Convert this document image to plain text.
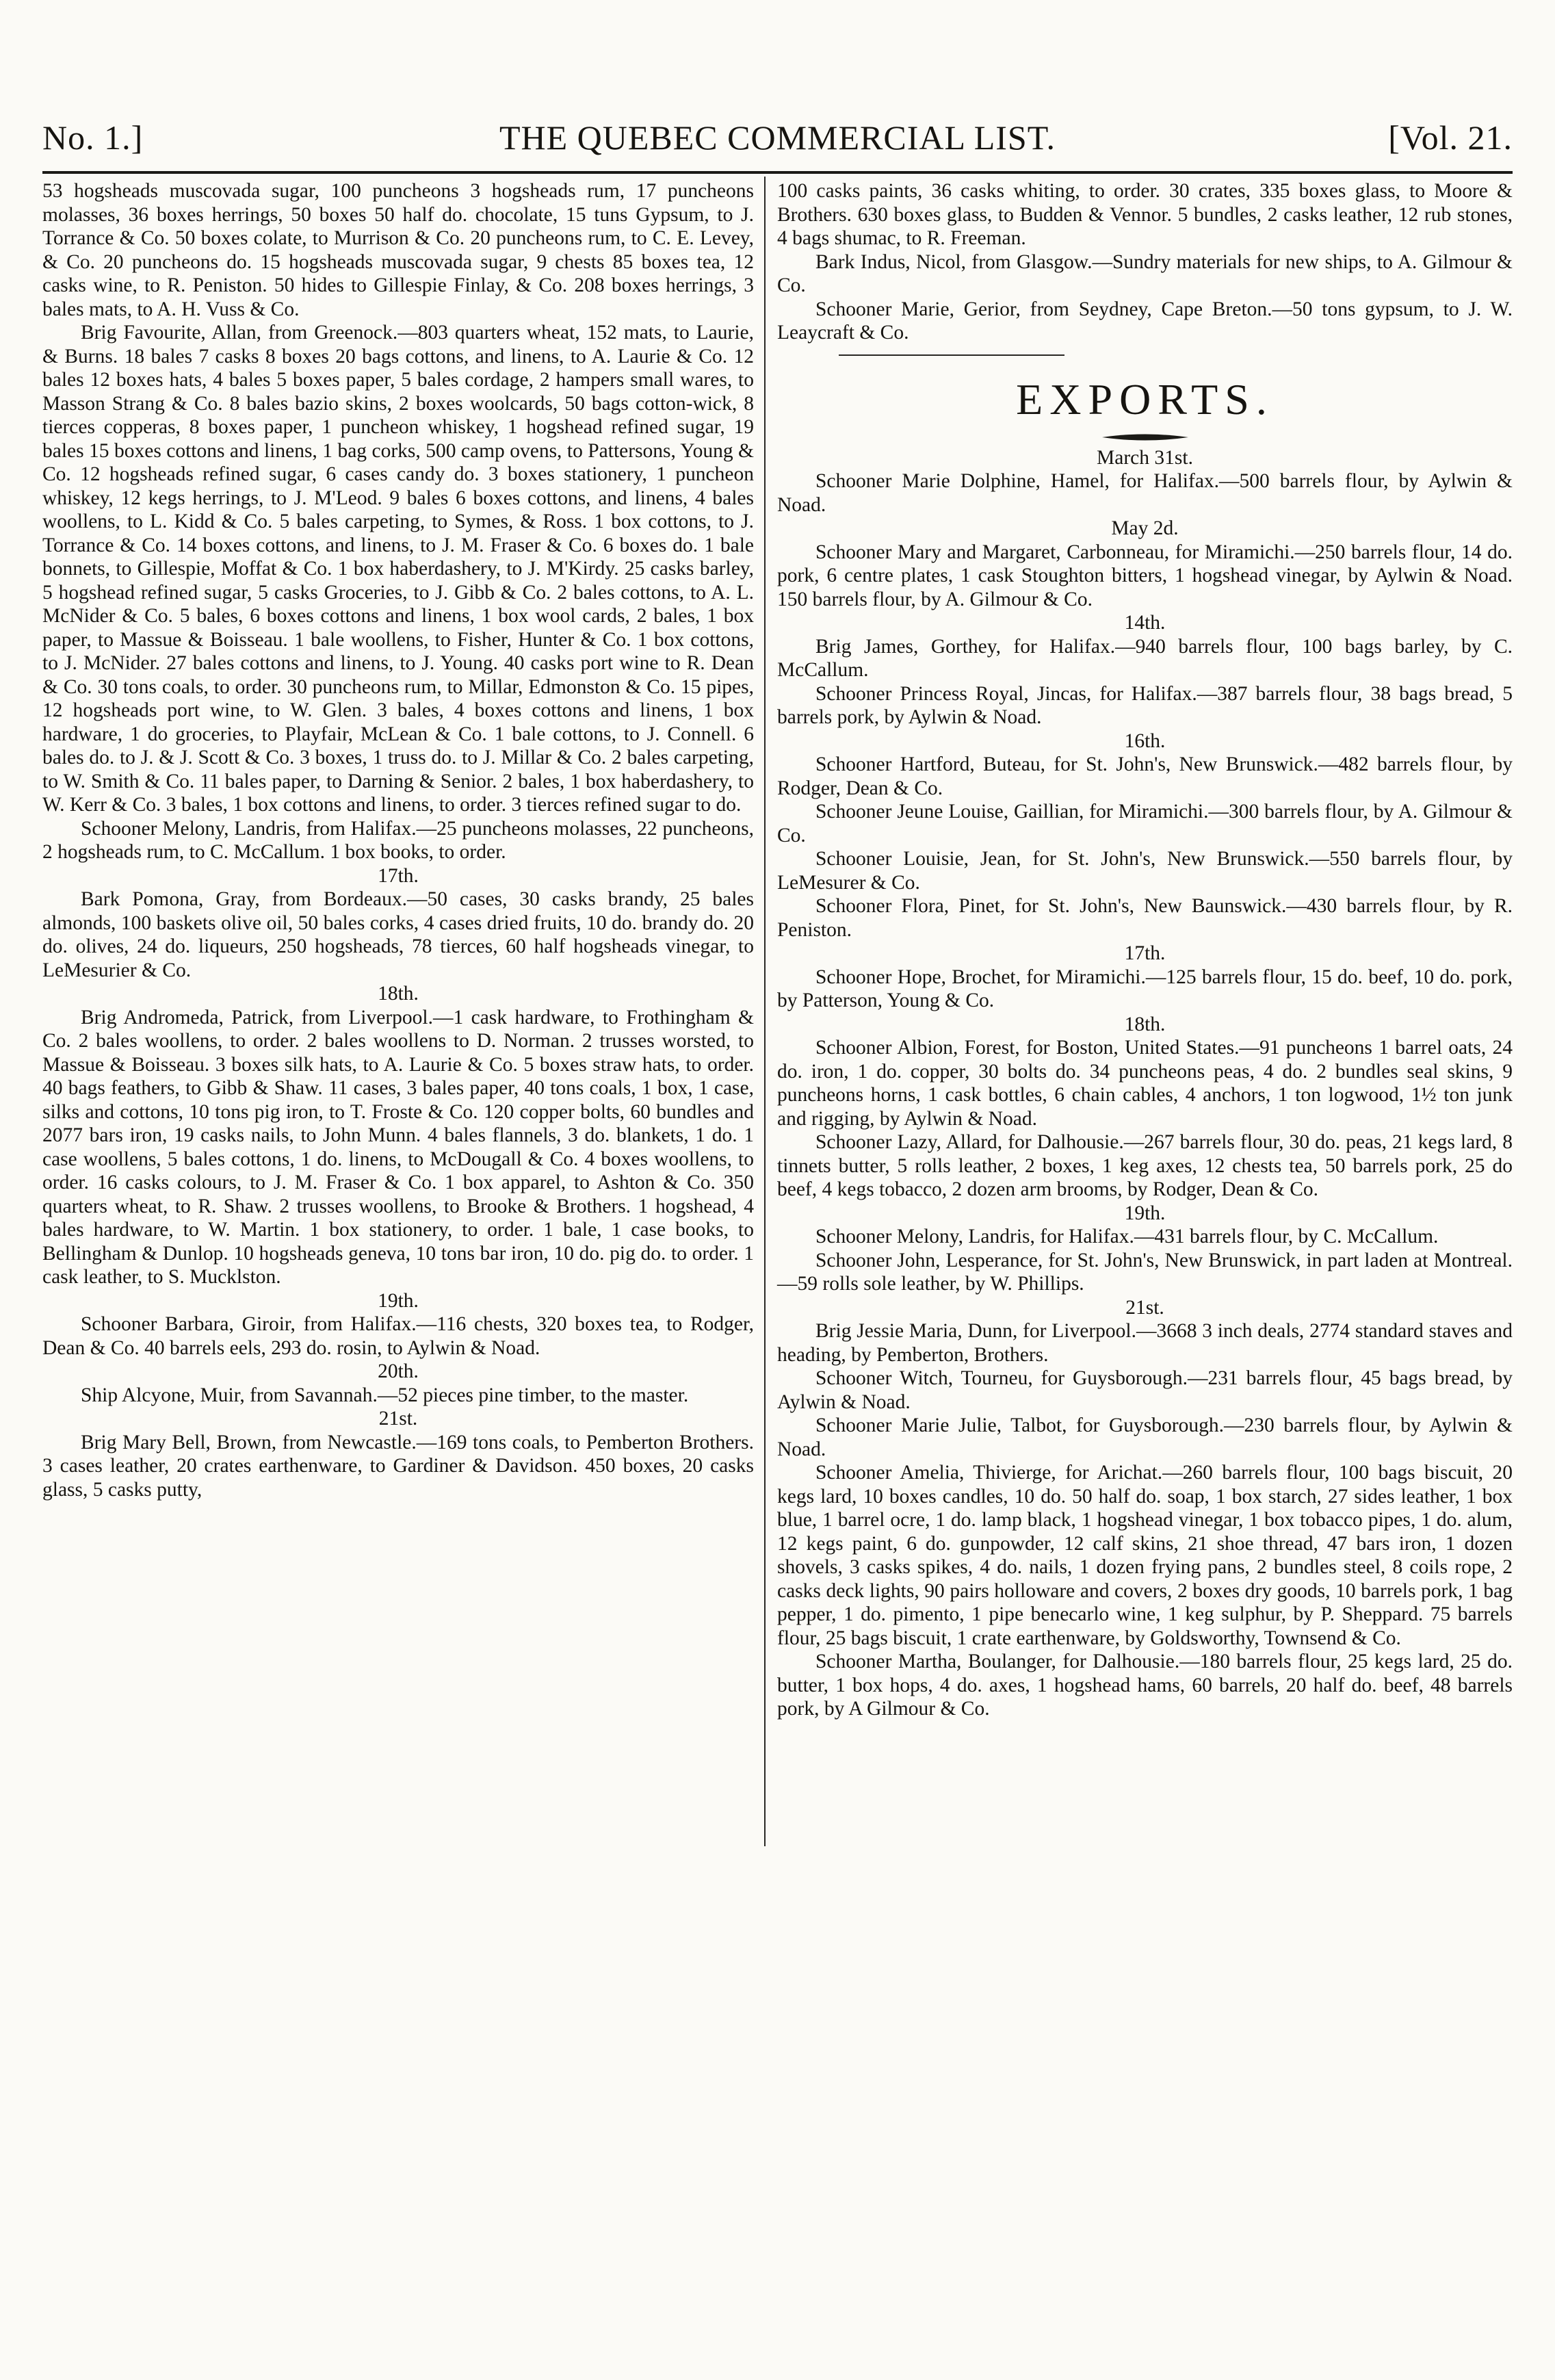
No. 1.]	THE QUEBEC COMMERCIAL LIST.	[Vol. 21.

53 hogsheads muscovada sugar, 100 puncheons 3 hogsheads rum, 17 puncheons molasses, 36 boxes herrings, 50 boxes 50 half do. chocolate, 15 tuns Gypsum, to J. Torrance & Co. 50 boxes colate, to Murrison & Co. 20 puncheons rum, to C. E. Levey, & Co. 20 puncheons do. 15 hogsheads muscovada sugar, 9 chests 85 boxes tea, 12 casks wine, to R. Peniston. 50 hides to Gillespie Finlay, & Co. 208 boxes herrings, 3 bales mats, to A. H. Vuss & Co.

Brig Favourite, Allan, from Greenock.—803 quarters wheat, 152 mats, to Laurie, & Burns. 18 bales 7 casks 8 boxes 20 bags cottons, and linens, to A. Laurie & Co. 12 bales 12 boxes hats, 4 bales 5 boxes paper, 5 bales cordage, 2 hampers small wares, to Masson Strang & Co. 8 bales bazio skins, 2 boxes woolcards, 50 bags cotton-wick, 8 tierces copperas, 8 boxes paper, 1 puncheon whiskey, 1 hogshead refined sugar, 19 bales 15 boxes cottons and linens, 1 bag corks, 500 camp ovens, to Pattersons, Young & Co. 12 hogsheads refined sugar, 6 cases candy do. 3 boxes stationery, 1 puncheon whiskey, 12 kegs herrings, to J. M'Leod. 9 bales 6 boxes cottons, and linens, 4 bales woollens, to L. Kidd & Co. 5 bales carpeting, to Symes, & Ross. 1 box cottons, to J. Torrance & Co. 14 boxes cottons, and linens, to J. M. Fraser & Co. 6 boxes do. 1 bale bonnets, to Gillespie, Moffat & Co. 1 box haberdashery, to J. M'Kirdy. 25 casks barley, 5 hogshead refined sugar, 5 casks Groceries, to J. Gibb & Co. 2 bales cottons, to A. L. McNider & Co. 5 bales, 6 boxes cottons and linens, 1 box wool cards, 2 bales, 1 box paper, to Massue & Boisseau. 1 bale woollens, to Fisher, Hunter & Co. 1 box cottons, to J. McNider. 27 bales cottons and linens, to J. Young. 40 casks port wine to R. Dean & Co. 30 tons coals, to order. 30 puncheons rum, to Millar, Edmonston & Co. 15 pipes, 12 hogsheads port wine, to W. Glen. 3 bales, 4 boxes cottons and linens, 1 box hardware, 1 do groceries, to Playfair, McLean & Co. 1 bale cottons, to J. Connell. 6 bales do. to J. & J. Scott & Co. 3 boxes, 1 truss do. to J. Millar & Co. 2 bales carpeting, to W. Smith & Co. 11 bales paper, to Darning & Senior. 2 bales, 1 box haberdashery, to W. Kerr & Co. 3 bales, 1 box cottons and linens, to order. 3 tierces refined sugar to do.

Schooner Melony, Landris, from Halifax.—25 puncheons molasses, 22 puncheons, 2 hogsheads rum, to C. McCallum. 1 box books, to order.

17th.

Bark Pomona, Gray, from Bordeaux.—50 cases, 30 casks brandy, 25 bales almonds, 100 baskets olive oil, 50 bales corks, 4 cases dried fruits, 10 do. brandy do. 20 do. olives, 24 do. liqueurs, 250 hogsheads, 78 tierces, 60 half hogsheads vinegar, to LeMesurier & Co.

18th.

Brig Andromeda, Patrick, from Liverpool.—1 cask hardware, to Frothingham & Co. 2 bales woollens, to order. 2 bales woollens to D. Norman. 2 trusses worsted, to Massue & Boisseau. 3 boxes silk hats, to A. Laurie & Co. 5 boxes straw hats, to order. 40 bags feathers, to Gibb & Shaw. 11 cases, 3 bales paper, 40 tons coals, 1 box, 1 case, silks and cottons, 10 tons pig iron, to T. Froste & Co. 120 copper bolts, 60 bundles and 2077 bars iron, 19 casks nails, to John Munn. 4 bales flannels, 3 do. blankets, 1 do. 1 case woollens, 5 bales cottons, 1 do. linens, to McDougall & Co. 4 boxes woollens, to order. 16 casks colours, to J. M. Fraser & Co. 1 box apparel, to Ashton & Co. 350 quarters wheat, to R. Shaw. 2 trusses woollens, to Brooke & Brothers. 1 hogshead, 4 bales hardware, to W. Martin. 1 box stationery, to order. 1 bale, 1 case books, to Bellingham & Dunlop. 10 hogsheads geneva, 10 tons bar iron, 10 do. pig do. to order. 1 cask leather, to S. Mucklston.

19th.

Schooner Barbara, Giroir, from Halifax.—116 chests, 320 boxes tea, to Rodger, Dean & Co. 40 barrels eels, 293 do. rosin, to Aylwin & Noad.

20th.

Ship Alcyone, Muir, from Savannah.—52 pieces pine timber, to the master.

21st.

Brig Mary Bell, Brown, from Newcastle.—169 tons coals, to Pemberton Brothers. 3 cases leather, 20 crates earthenware, to Gardiner & Davidson. 450 boxes, 20 casks glass, 5 casks putty,

100 casks paints, 36 casks whiting, to order. 30 crates, 335 boxes glass, to Moore & Brothers. 630 boxes glass, to Budden & Vennor. 5 bundles, 2 casks leather, 12 rub stones, 4 bags shumac, to R. Freeman.

Bark Indus, Nicol, from Glasgow.—Sundry materials for new ships, to A. Gilmour & Co.

Schooner Marie, Gerior, from Seydney, Cape Breton.—50 tons gypsum, to J. W. Leaycraft & Co.

EXPORTS.

March 31st.

Schooner Marie Dolphine, Hamel, for Halifax.—500 barrels flour, by Aylwin & Noad.

May 2d.

Schooner Mary and Margaret, Carbonneau, for Miramichi.—250 barrels flour, 14 do. pork, 6 centre plates, 1 cask Stoughton bitters, 1 hogshead vinegar, by Aylwin & Noad. 150 barrels flour, by A. Gilmour & Co.

14th.

Brig James, Gorthey, for Halifax.—940 barrels flour, 100 bags barley, by C. McCallum.

Schooner Princess Royal, Jincas, for Halifax.—387 barrels flour, 38 bags bread, 5 barrels pork, by Aylwin & Noad.

16th.

Schooner Hartford, Buteau, for St. John's, New Brunswick.—482 barrels flour, by Rodger, Dean & Co.

Schooner Jeune Louise, Gaillian, for Miramichi.—300 barrels flour, by A. Gilmour & Co.

Schooner Louisie, Jean, for St. John's, New Brunswick.—550 barrels flour, by LeMesurer & Co.

Schooner Flora, Pinet, for St. John's, New Baunswick.—430 barrels flour, by R. Peniston.

17th.

Schooner Hope, Brochet, for Miramichi.—125 barrels flour, 15 do. beef, 10 do. pork, by Patterson, Young & Co.

18th.

Schooner Albion, Forest, for Boston, United States.—91 puncheons 1 barrel oats, 24 do. iron, 1 do. copper, 30 bolts do. 34 puncheons peas, 4 do. 2 bundles seal skins, 9 puncheons horns, 1 cask bottles, 6 chain cables, 4 anchors, 1 ton logwood, 1½ ton junk and rigging, by Aylwin & Noad.

Schooner Lazy, Allard, for Dalhousie.—267 barrels flour, 30 do. peas, 21 kegs lard, 8 tinnets butter, 5 rolls leather, 2 boxes, 1 keg axes, 12 chests tea, 50 barrels pork, 25 do beef, 4 kegs tobacco, 2 dozen arm brooms, by Rodger, Dean & Co.

19th.

Schooner Melony, Landris, for Halifax.—431 barrels flour, by C. McCallum.

Schooner John, Lesperance, for St. John's, New Brunswick, in part laden at Montreal.—59 rolls sole leather, by W. Phillips.

21st.

Brig Jessie Maria, Dunn, for Liverpool.—3668 3 inch deals, 2774 standard staves and heading, by Pemberton, Brothers.

Schooner Witch, Tourneu, for Guysborough.—231 barrels flour, 45 bags bread, by Aylwin & Noad.

Schooner Marie Julie, Talbot, for Guysborough.—230 barrels flour, by Aylwin & Noad.

Schooner Amelia, Thivierge, for Arichat.—260 barrels flour, 100 bags biscuit, 20 kegs lard, 10 boxes candles, 10 do. 50 half do. soap, 1 box starch, 27 sides leather, 1 box blue, 1 barrel ocre, 1 do. lamp black, 1 hogshead vinegar, 1 box tobacco pipes, 1 do. alum, 12 kegs paint, 6 do. gunpowder, 12 calf skins, 21 shoe thread, 47 bars iron, 1 dozen shovels, 3 casks spikes, 4 do. nails, 1 dozen frying pans, 2 bundles steel, 8 coils rope, 2 casks deck lights, 90 pairs holloware and covers, 2 boxes dry goods, 10 barrels pork, 1 bag pepper, 1 do. pimento, 1 pipe benecarlo wine, 1 keg sulphur, by P. Sheppard. 75 barrels flour, 25 bags biscuit, 1 crate earthenware, by Goldsworthy, Townsend & Co.

Schooner Martha, Boulanger, for Dalhousie.—180 barrels flour, 25 kegs lard, 25 do. butter, 1 box hops, 4 do. axes, 1 hogshead hams, 60 barrels, 20 half do. beef, 48 barrels pork, by A Gilmour & Co.
